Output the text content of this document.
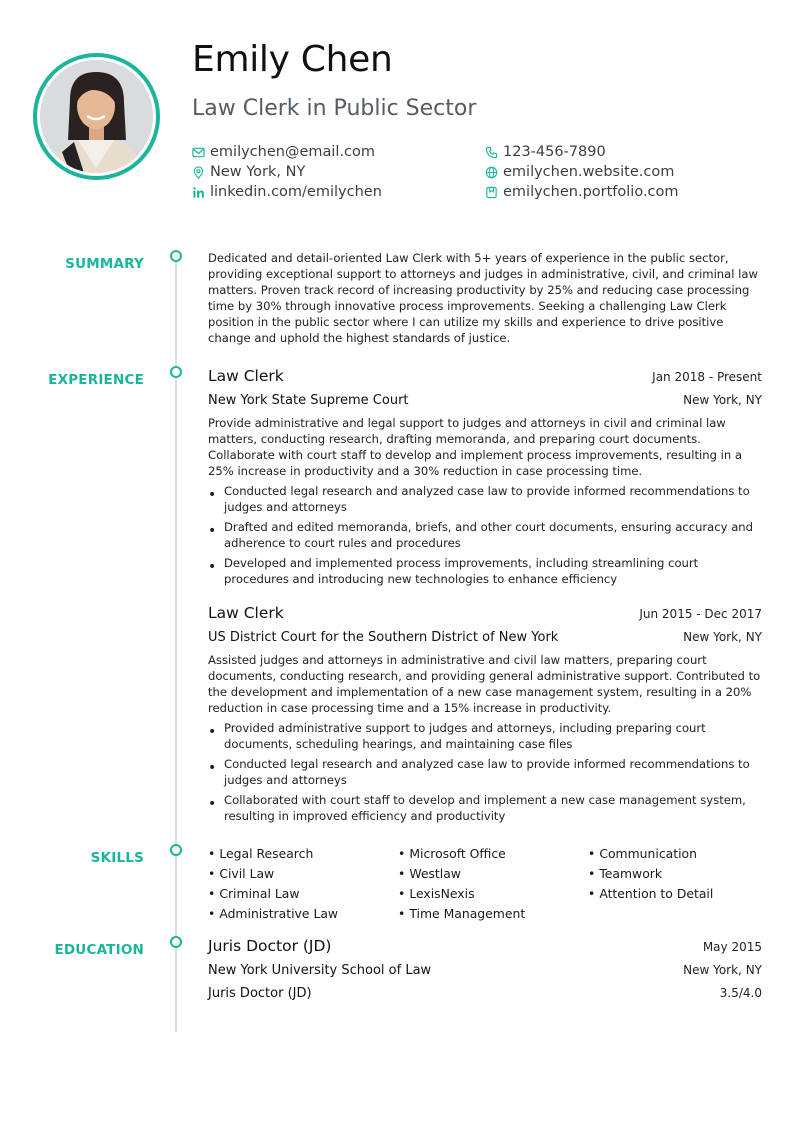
Emily Chen
Law Clerk in Public Sector
emilychen@email.com	123-456-7890
New York, NY	emilychen.website.com
linkedin.com/emilychen	emilychen.portfolio.com
SUMMARY	Dedicated and detail-oriented Law Clerk with 5+ years of experience in the public sector, providing exceptional support to attorneys and judges in administrative, civil, and criminal law matters. Proven track record of increasing productivity by 25% and reducing case processing time by 30% through innovative process improvements. Seeking a challenging Law Clerk position in the public sector where I can utilize my skills and experience to drive positive change and uphold the highest standards of justice.
EXPERIENCE	Law Clerk	Jan 2018 - Present
New York State Supreme Court	New York, NY
Provide administrative and legal support to judges and attorneys in civil and criminal law matters, conducting research, drafting memoranda, and preparing court documents. Collaborate with court staff to develop and implement process improvements, resulting in a 25% increase in productivity and a 30% reduction in case processing time.
• Conducted legal research and analyzed case law to provide informed recommendations to judges and attorneys
• Drafted and edited memoranda, briefs, and other court documents, ensuring accuracy and adherence to court rules and procedures
• Developed and implemented process improvements, including streamlining court procedures and introducing new technologies to enhance efficiency
Law Clerk	Jun 2015 - Dec 2017
US District Court for the Southern District of New York	New York, NY
Assisted judges and attorneys in administrative and civil law matters, preparing court documents, conducting research, and providing general administrative support. Contributed to the development and implementation of a new case management system, resulting in a 20% reduction in case processing time and a 15% increase in productivity.
• Provided administrative support to judges and attorneys, including preparing court documents, scheduling hearings, and maintaining case files
• Conducted legal research and analyzed case law to provide informed recommendations to judges and attorneys
• Collaborated with court staff to develop and implement a new case management system, resulting in improved efficiency and productivity
SKILLS
•	Legal Research
• Civil Law
• Criminal Law
• Administrative Law
• Microsoft Office
• Westlaw
• LexisNexis
• Time Management
• Communication
• Teamwork
• Attention to Detail
EDUCATION	Juris Doctor (JD)	May 2015
New York University School of Law	New York, NY
Juris Doctor (JD)	3.5/4.0
